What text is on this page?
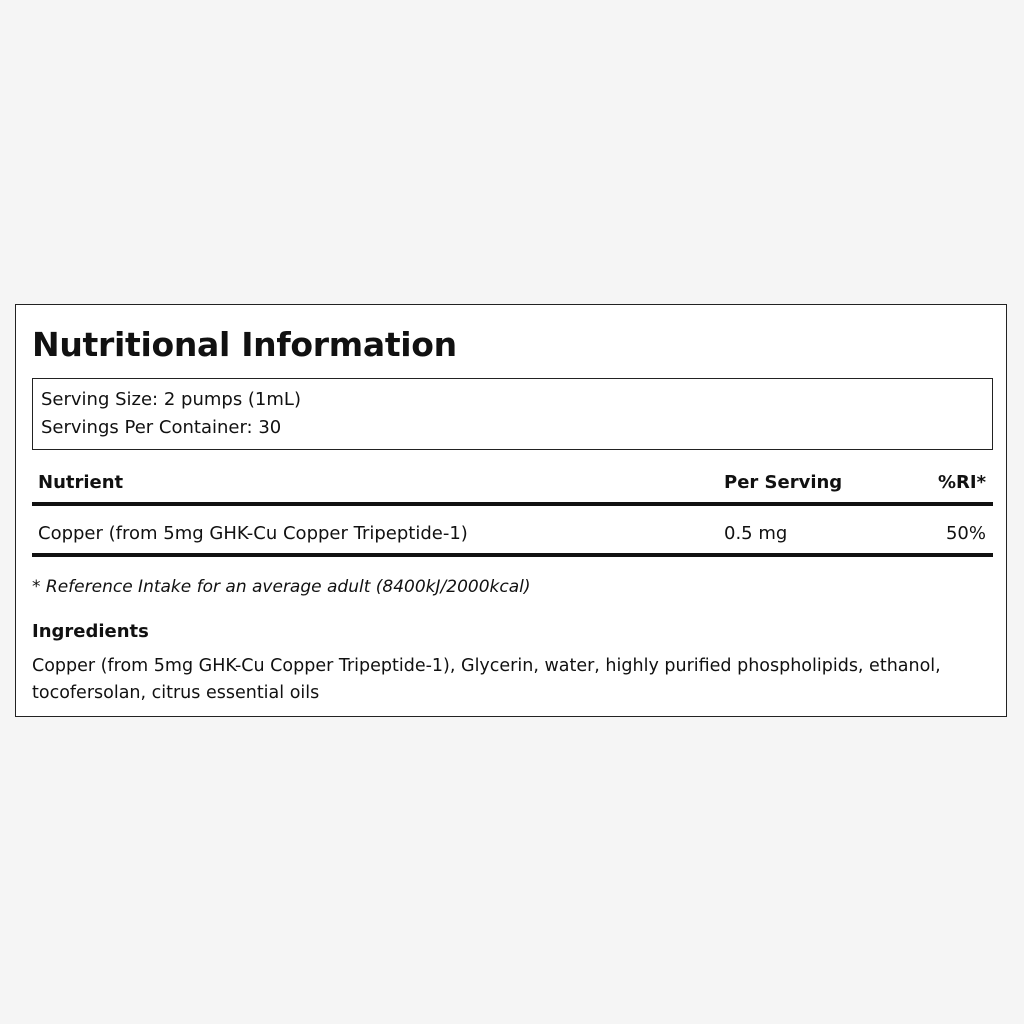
Nutritional Information
Serving Size: 2 pumps (1mL)
Servings Per Container: 30
Nutrient	Per Serving	%RI*
Copper (from 5mg GHK-Cu Copper Tripeptide-1)	0.5 mg	50%
* Reference Intake for an average adult (8400kJ/2000kcal)
Ingredients

Copper (from 5mg GHK-Cu Copper Tripeptide-1), Glycerin, water, highly purified phospholipids, ethanol, tocofersolan, citrus essential oils
